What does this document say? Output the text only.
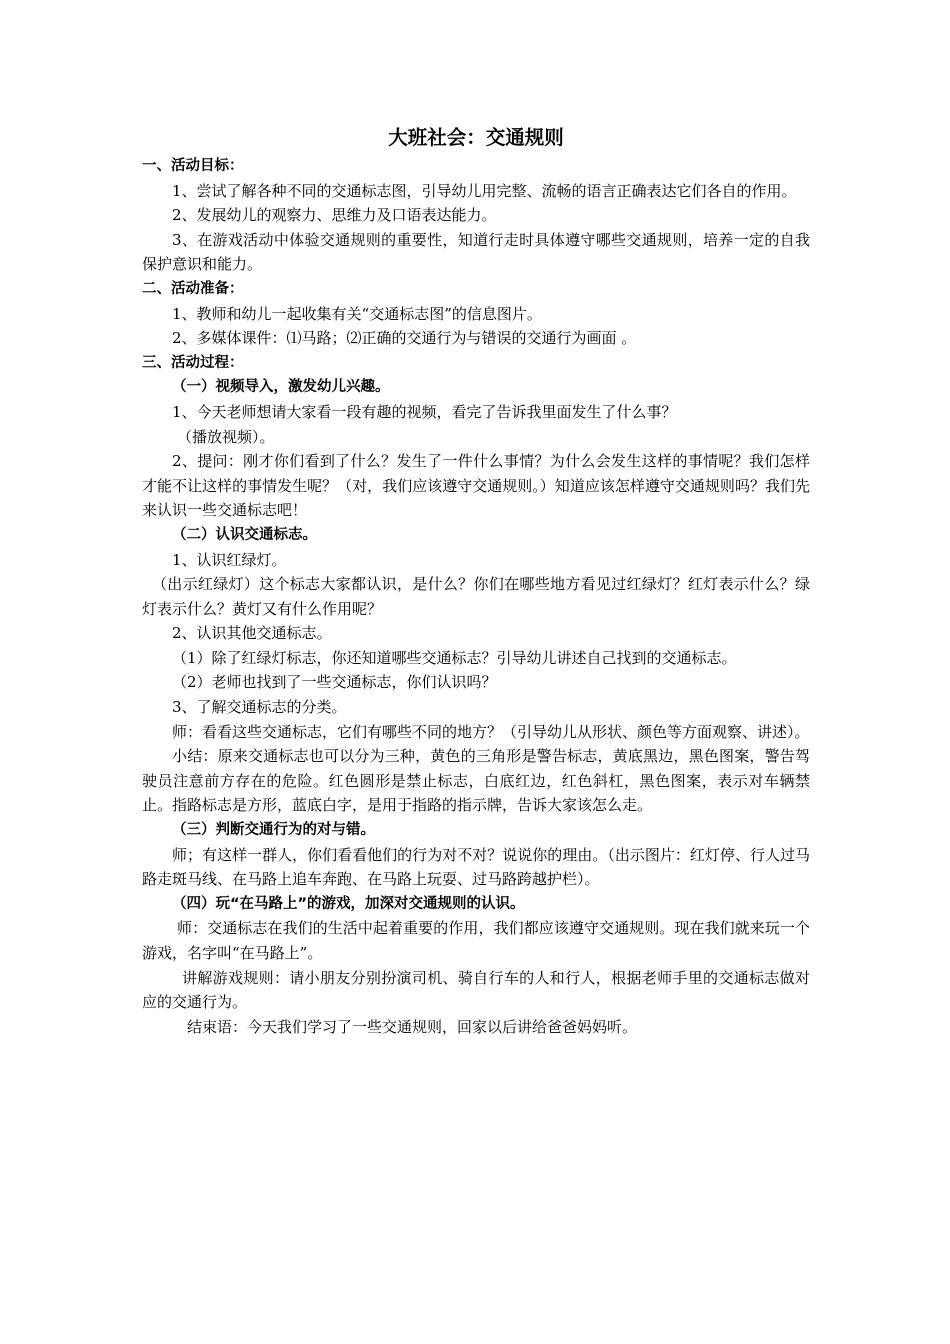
大班社会：交通规则
一、活动目标：

1、尝试了解各种不同的交通标志图，引导幼儿用完整、流畅的语言正确表达它们各自的作用。

2、发展幼儿的观察力、思维力及口语表达能力。

3、在游戏活动中体验交通规则的重要性，知道行走时具体遵守哪些交通规则，培养一定的自我保护意识和能力。

二、活动准备：

1、教师和幼儿一起收集有关“交通标志图”的信息图片。

2、多媒体课件：⑴马路；⑵正确的交通行为与错误的交通行为画面 。

三、活动过程：
（一）视频导入，激发幼儿兴趣。

1、今天老师想请大家看一段有趣的视频，看完了告诉我里面发生了什么事？

（播放视频）。

2、提问：刚才你们看到了什么？发生了一件什么事情？为什么会发生这样的事情呢？我们怎样才能不让这样的事情发生呢？（对，我们应该遵守交通规则。）知道应该怎样遵守交通规则吗？我们先来认识一些交通标志吧！

（二）认识交通标志。

1、认识红绿灯。

（出示红绿灯）这个标志大家都认识，是什么？你们在哪些地方看见过红绿灯？红灯表示什么？绿灯表示什么？黄灯又有什么作用呢？

2、认识其他交通标志。

（1）除了红绿灯标志，你还知道哪些交通标志？引导幼儿讲述自己找到的交通标志。

（2）老师也找到了一些交通标志，你们认识吗？

3、了解交通标志的分类。

师：看看这些交通标志，它们有哪些不同的地方？（引导幼儿从形状、颜色等方面观察、讲述）。

小结：原来交通标志也可以分为三种，黄色的三角形是警告标志，黄底黑边，黑色图案，警告驾驶员注意前方存在的危险。红色圆形是禁止标志，白底红边，红色斜杠，黑色图案，表示对车辆禁止。指路标志是方形，蓝底白字，是用于指路的指示牌，告诉大家该怎么走。

（三）判断交通行为的对与错。

师；有这样一群人，你们看看他们的行为对不对？说说你的理由。（出示图片：红灯停、行人过马路走斑马线、在马路上追车奔跑、在马路上玩耍、过马路跨越护栏）。

（四）玩“在马路上”的游戏，加深对交通规则的认识。

师：交通标志在我们的生活中起着重要的作用，我们都应该遵守交通规则。现在我们就来玩一个游戏，名字叫“在马路上”。

讲解游戏规则：请小朋友分别扮演司机、骑自行车的人和行人，根据老师手里的交通标志做对应的交通行为。

结束语：今天我们学习了一些交通规则，回家以后讲给爸爸妈妈听。
